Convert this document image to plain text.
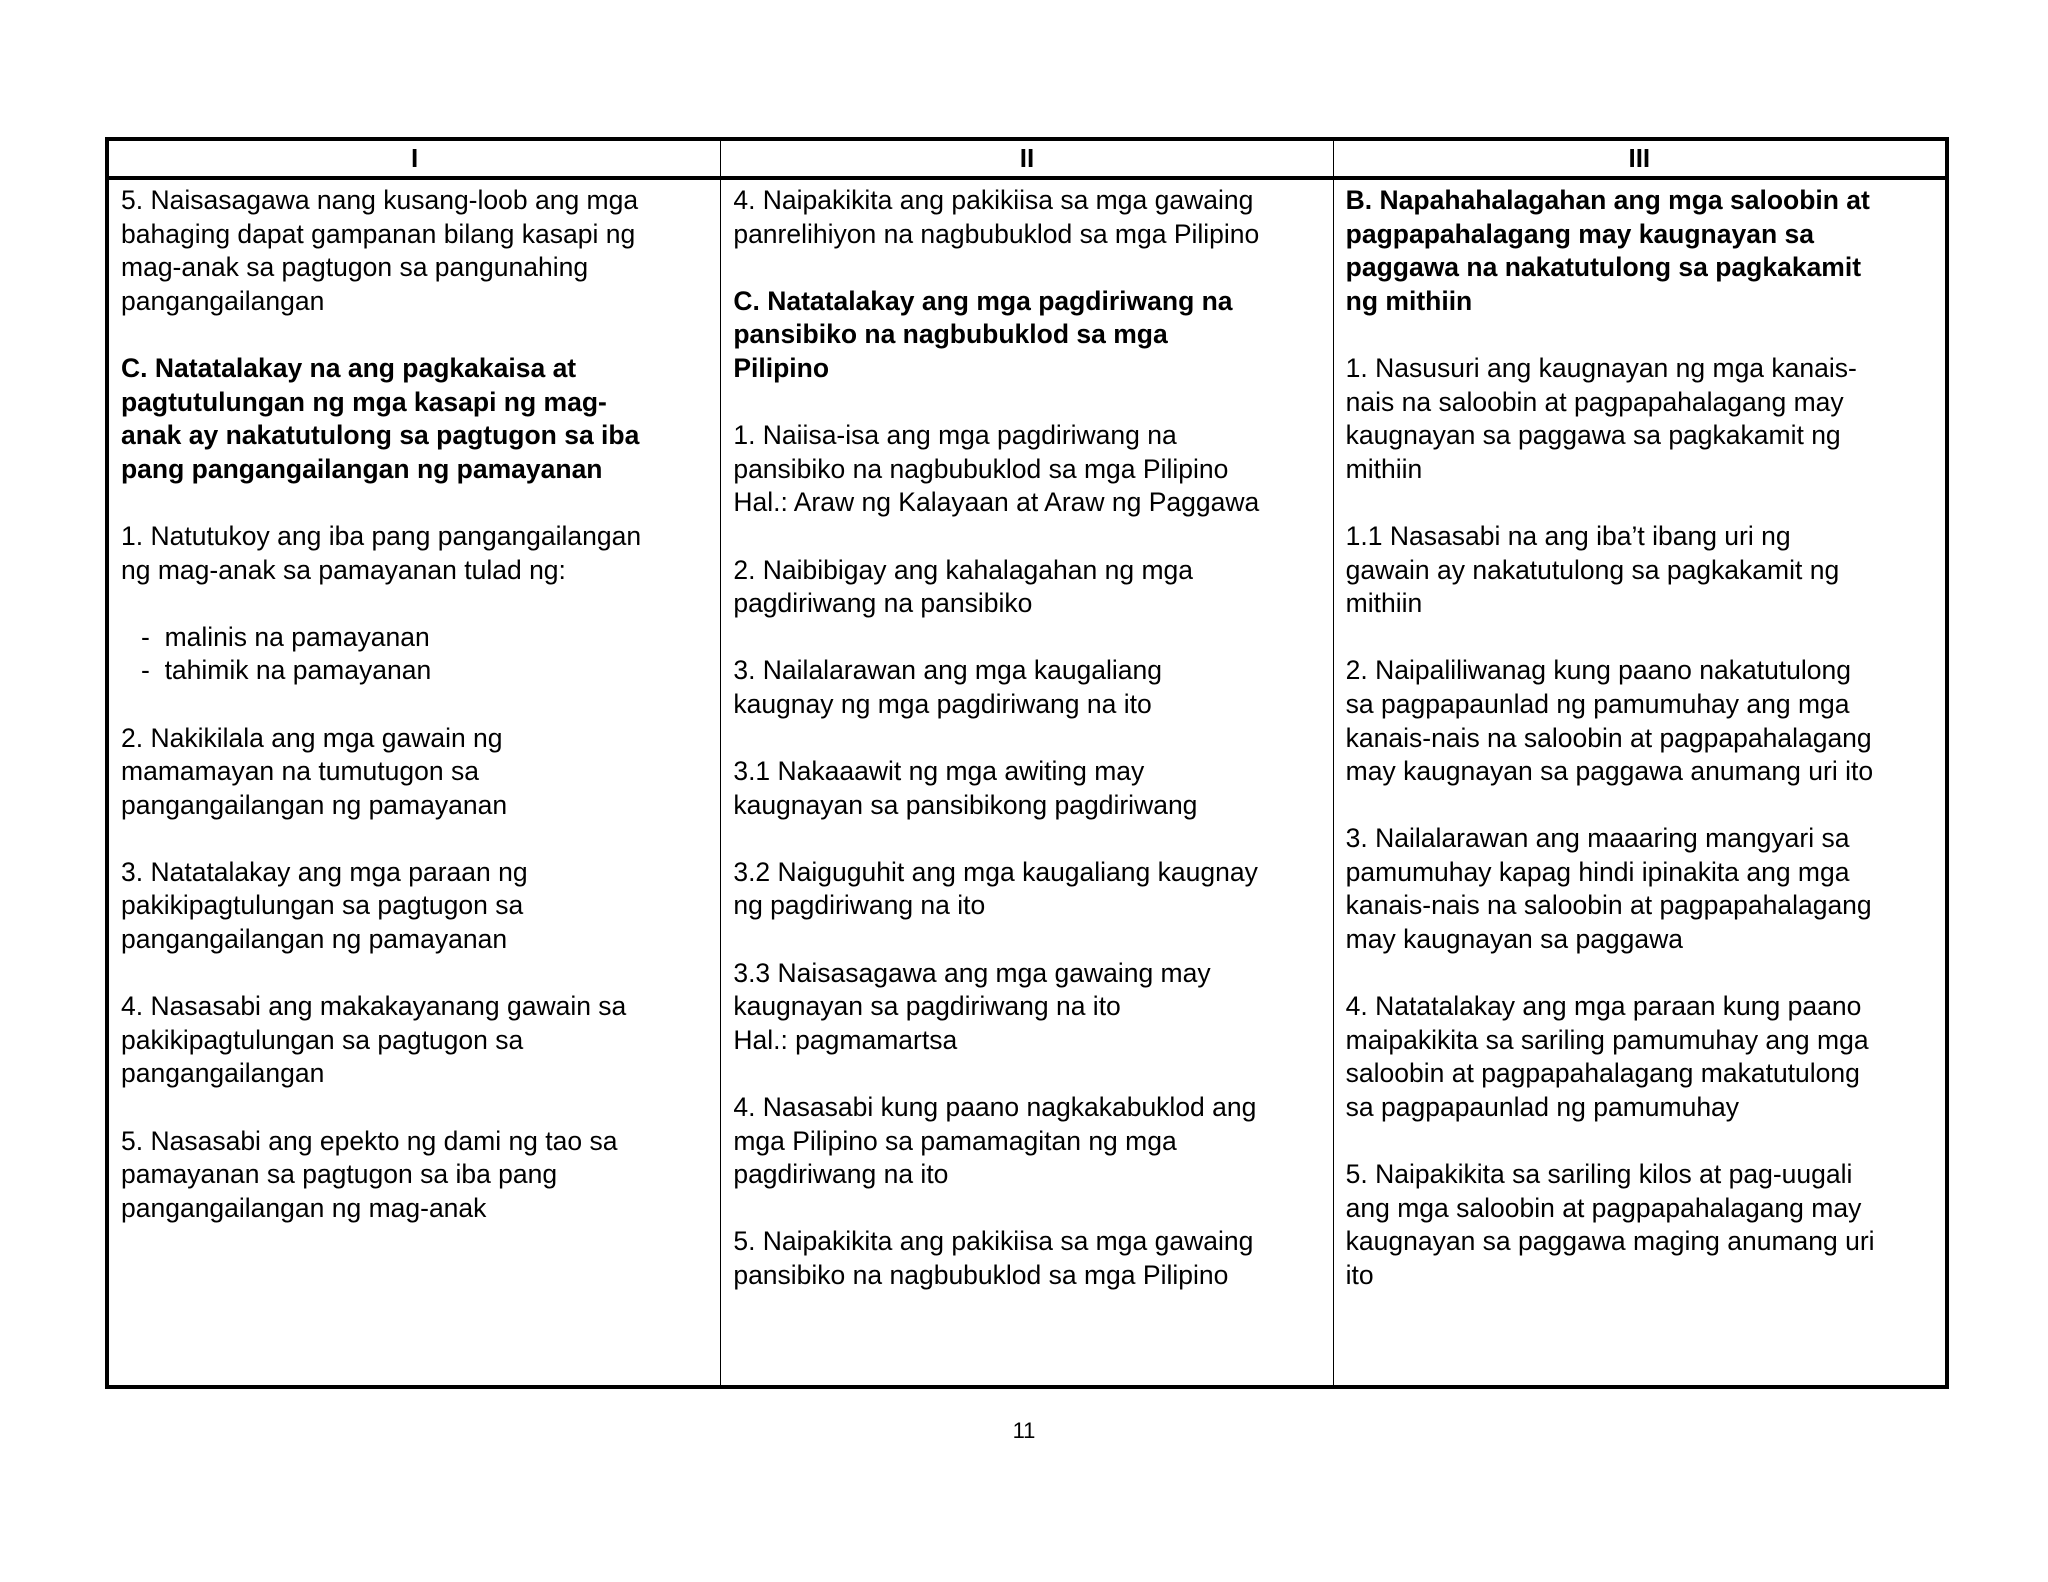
I	II	III
5. Naisasagawa nang kusang-loob ang mga
bahaging dapat gampanan bilang kasapi ng
mag-anak sa pagtugon sa pangunahing
pangangailangan
C. Natatalakay na ang pagkakaisa at
pagtutulungan ng mga kasapi ng mag-
anak ay nakatutulong sa pagtugon sa iba
pang pangangailangan ng pamayanan
1. Natutukoy ang iba pang pangangailangan
ng mag-anak sa pamayanan tulad ng:
- malinis na pamayanan
- tahimik na pamayanan
2. Nakikilala ang mga gawain ng
mamamayan na tumutugon sa
pangangailangan ng pamayanan
3. Natatalakay ang mga paraan ng
pakikipagtulungan sa pagtugon sa
pangangailangan ng pamayanan
4. Nasasabi ang makakayanang gawain sa
pakikipagtulungan sa pagtugon sa
pangangailangan
5. Nasasabi ang epekto ng dami ng tao sa
pamayanan sa pagtugon sa iba pang
pangangailangan ng mag-anak
4. Naipakikita ang pakikiisa sa mga gawaing
panrelihiyon na nagbubuklod sa mga Pilipino
C. Natatalakay ang mga pagdiriwang na
pansibiko na nagbubuklod sa mga
Pilipino
1. Naiisa-isa ang mga pagdiriwang na
pansibiko na nagbubuklod sa mga Pilipino
Hal.: Araw ng Kalayaan at Araw ng Paggawa
2. Naibibigay ang kahalagahan ng mga
pagdiriwang na pansibiko
3. Nailalarawan ang mga kaugaliang
kaugnay ng mga pagdiriwang na ito
3.1 Nakaaawit ng mga awiting may
kaugnayan sa pansibikong pagdiriwang
3.2 Naiguguhit ang mga kaugaliang kaugnay
ng pagdiriwang na ito
3.3 Naisasagawa ang mga gawaing may
kaugnayan sa pagdiriwang na ito
Hal.: pagmamartsa
4. Nasasabi kung paano nagkakabuklod ang
mga Pilipino sa pamamagitan ng mga
pagdiriwang na ito
5. Naipakikita ang pakikiisa sa mga gawaing
pansibiko na nagbubuklod sa mga Pilipino
B. Napahahalagahan ang mga saloobin at
pagpapahalagang may kaugnayan sa
paggawa na nakatutulong sa pagkakamit
ng mithiin
1. Nasusuri ang kaugnayan ng mga kanais-
nais na saloobin at pagpapahalagang may
kaugnayan sa paggawa sa pagkakamit ng
mithiin
1.1 Nasasabi na ang iba’t ibang uri ng
gawain ay nakatutulong sa pagkakamit ng
mithiin
2. Naipaliliwanag kung paano nakatutulong
sa pagpapaunlad ng pamumuhay ang mga
kanais-nais na saloobin at pagpapahalagang
may kaugnayan sa paggawa anumang uri ito
3. Nailalarawan ang maaaring mangyari sa
pamumuhay kapag hindi ipinakita ang mga
kanais-nais na saloobin at pagpapahalagang
may kaugnayan sa paggawa
4. Natatalakay ang mga paraan kung paano
maipakikita sa sariling pamumuhay ang mga
saloobin at pagpapahalagang makatutulong
sa pagpapaunlad ng pamumuhay
5. Naipakikita sa sariling kilos at pag-uugali
ang mga saloobin at pagpapahalagang may
kaugnayan sa paggawa maging anumang uri
ito
11
